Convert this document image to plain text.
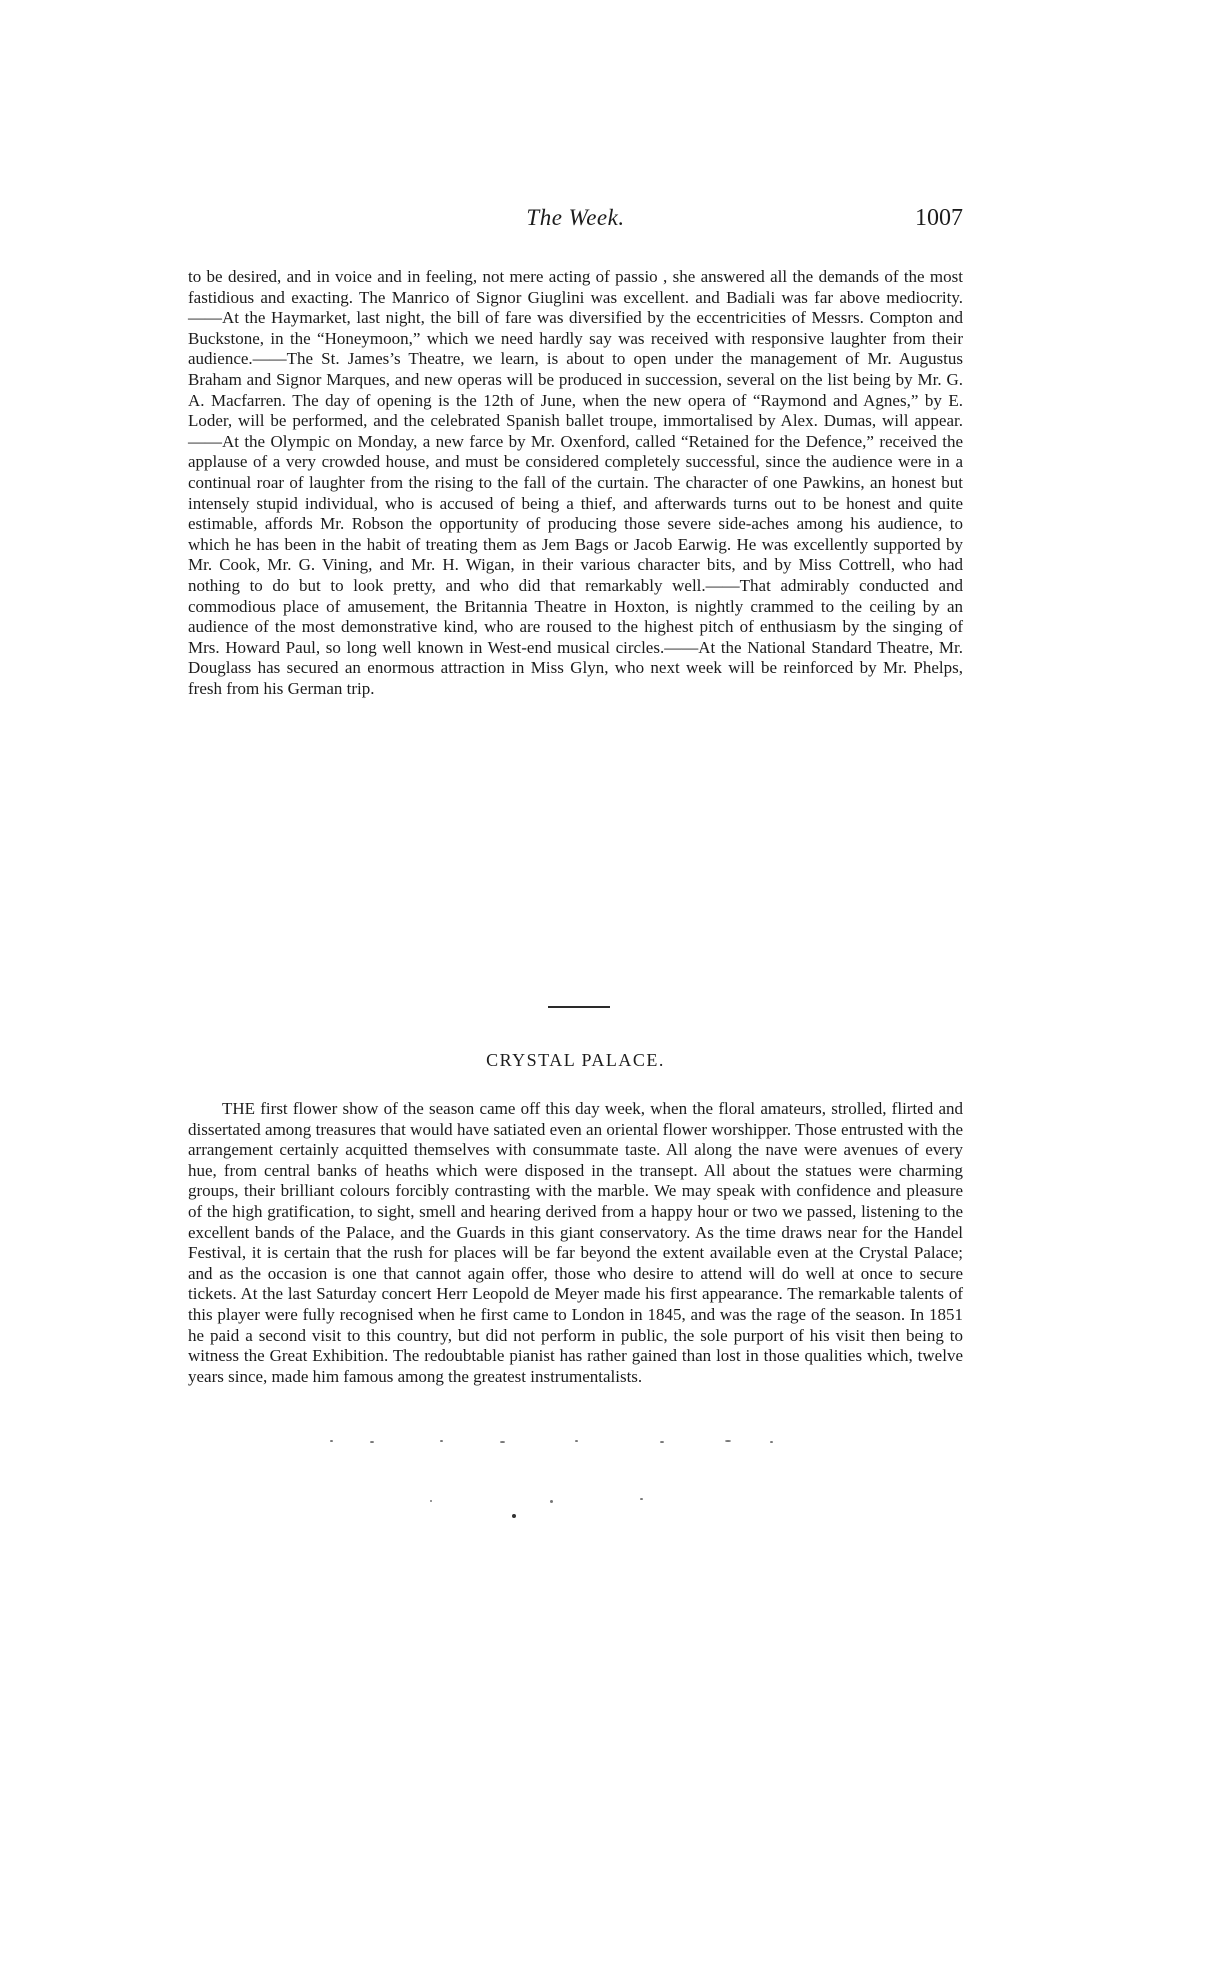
The Week.	1007

to be desired, and in voice and in feeling, not mere acting of passio , she answered all the demands of the most fastidious and exacting. The Manrico of Signor Giuglini was excellent. and Badiali was far above mediocrity.——At the Haymarket, last night, the bill of fare was diversified by the eccentricities of Messrs. Compton and Buckstone, in the “Honeymoon,” which we need hardly say was received with responsive laughter from their audience.——The St. James’s Theatre, we learn, is about to open under the management of Mr. Augustus Braham and Signor Marques, and new operas will be produced in succession, several on the list being by Mr. G. A. Macfarren. The day of opening is the 12th of June, when the new opera of “Raymond and Agnes,” by E. Loder, will be performed, and the celebrated Spanish ballet troupe, immortalised by Alex. Dumas, will appear.——At the Olympic on Monday, a new farce by Mr. Oxenford, called “Retained for the Defence,” received the applause of a very crowded house, and must be considered completely successful, since the audience were in a continual roar of laughter from the rising to the fall of the curtain. The character of one Pawkins, an honest but intensely stupid individual, who is accused of being a thief, and afterwards turns out to be honest and quite estimable, affords Mr. Robson the opportunity of producing those severe side-aches among his audience, to which he has been in the habit of treating them as Jem Bags or Jacob Earwig. He was excellently supported by Mr. Cook, Mr. G. Vining, and Mr. H. Wigan, in their various character bits, and by Miss Cottrell, who had nothing to do but to look pretty, and who did that remarkably well.——That admirably conducted and commodious place of amusement, the Britannia Theatre in Hoxton, is nightly crammed to the ceiling by an audience of the most demonstrative kind, who are roused to the highest pitch of enthusiasm by the singing of Mrs. Howard Paul, so long well known in West-end musical circles.——At the National Standard Theatre, Mr. Douglass has secured an enormous attraction in Miss Glyn, who next week will be reinforced by Mr. Phelps, fresh from his German trip.

CRYSTAL PALACE.

THE first flower show of the season came off this day week, when the floral amateurs, strolled, flirted and dissertated among treasures that would have satiated even an oriental flower worshipper. Those entrusted with the arrangement certainly acquitted themselves with consummate taste. All along the nave were avenues of every hue, from central banks of heaths which were disposed in the transept. All about the statues were charming groups, their brilliant colours forcibly contrasting with the marble. We may speak with confidence and pleasure of the high gratification, to sight, smell and hearing derived from a happy hour or two we passed, listening to the excellent bands of the Palace, and the Guards in this giant conservatory. As the time draws near for the Handel Festival, it is certain that the rush for places will be far beyond the extent available even at the Crystal Palace; and as the occasion is one that cannot again offer, those who desire to attend will do well at once to secure tickets. At the last Saturday concert Herr Leopold de Meyer made his first appearance. The remarkable talents of this player were fully recognised when he first came to London in 1845, and was the rage of the season. In 1851 he paid a second visit to this country, but did not perform in public, the sole purport of his visit then being to witness the Great Exhibition. The redoubtable pianist has rather gained than lost in those qualities which, twelve years since, made him famous among the greatest instrumentalists.
